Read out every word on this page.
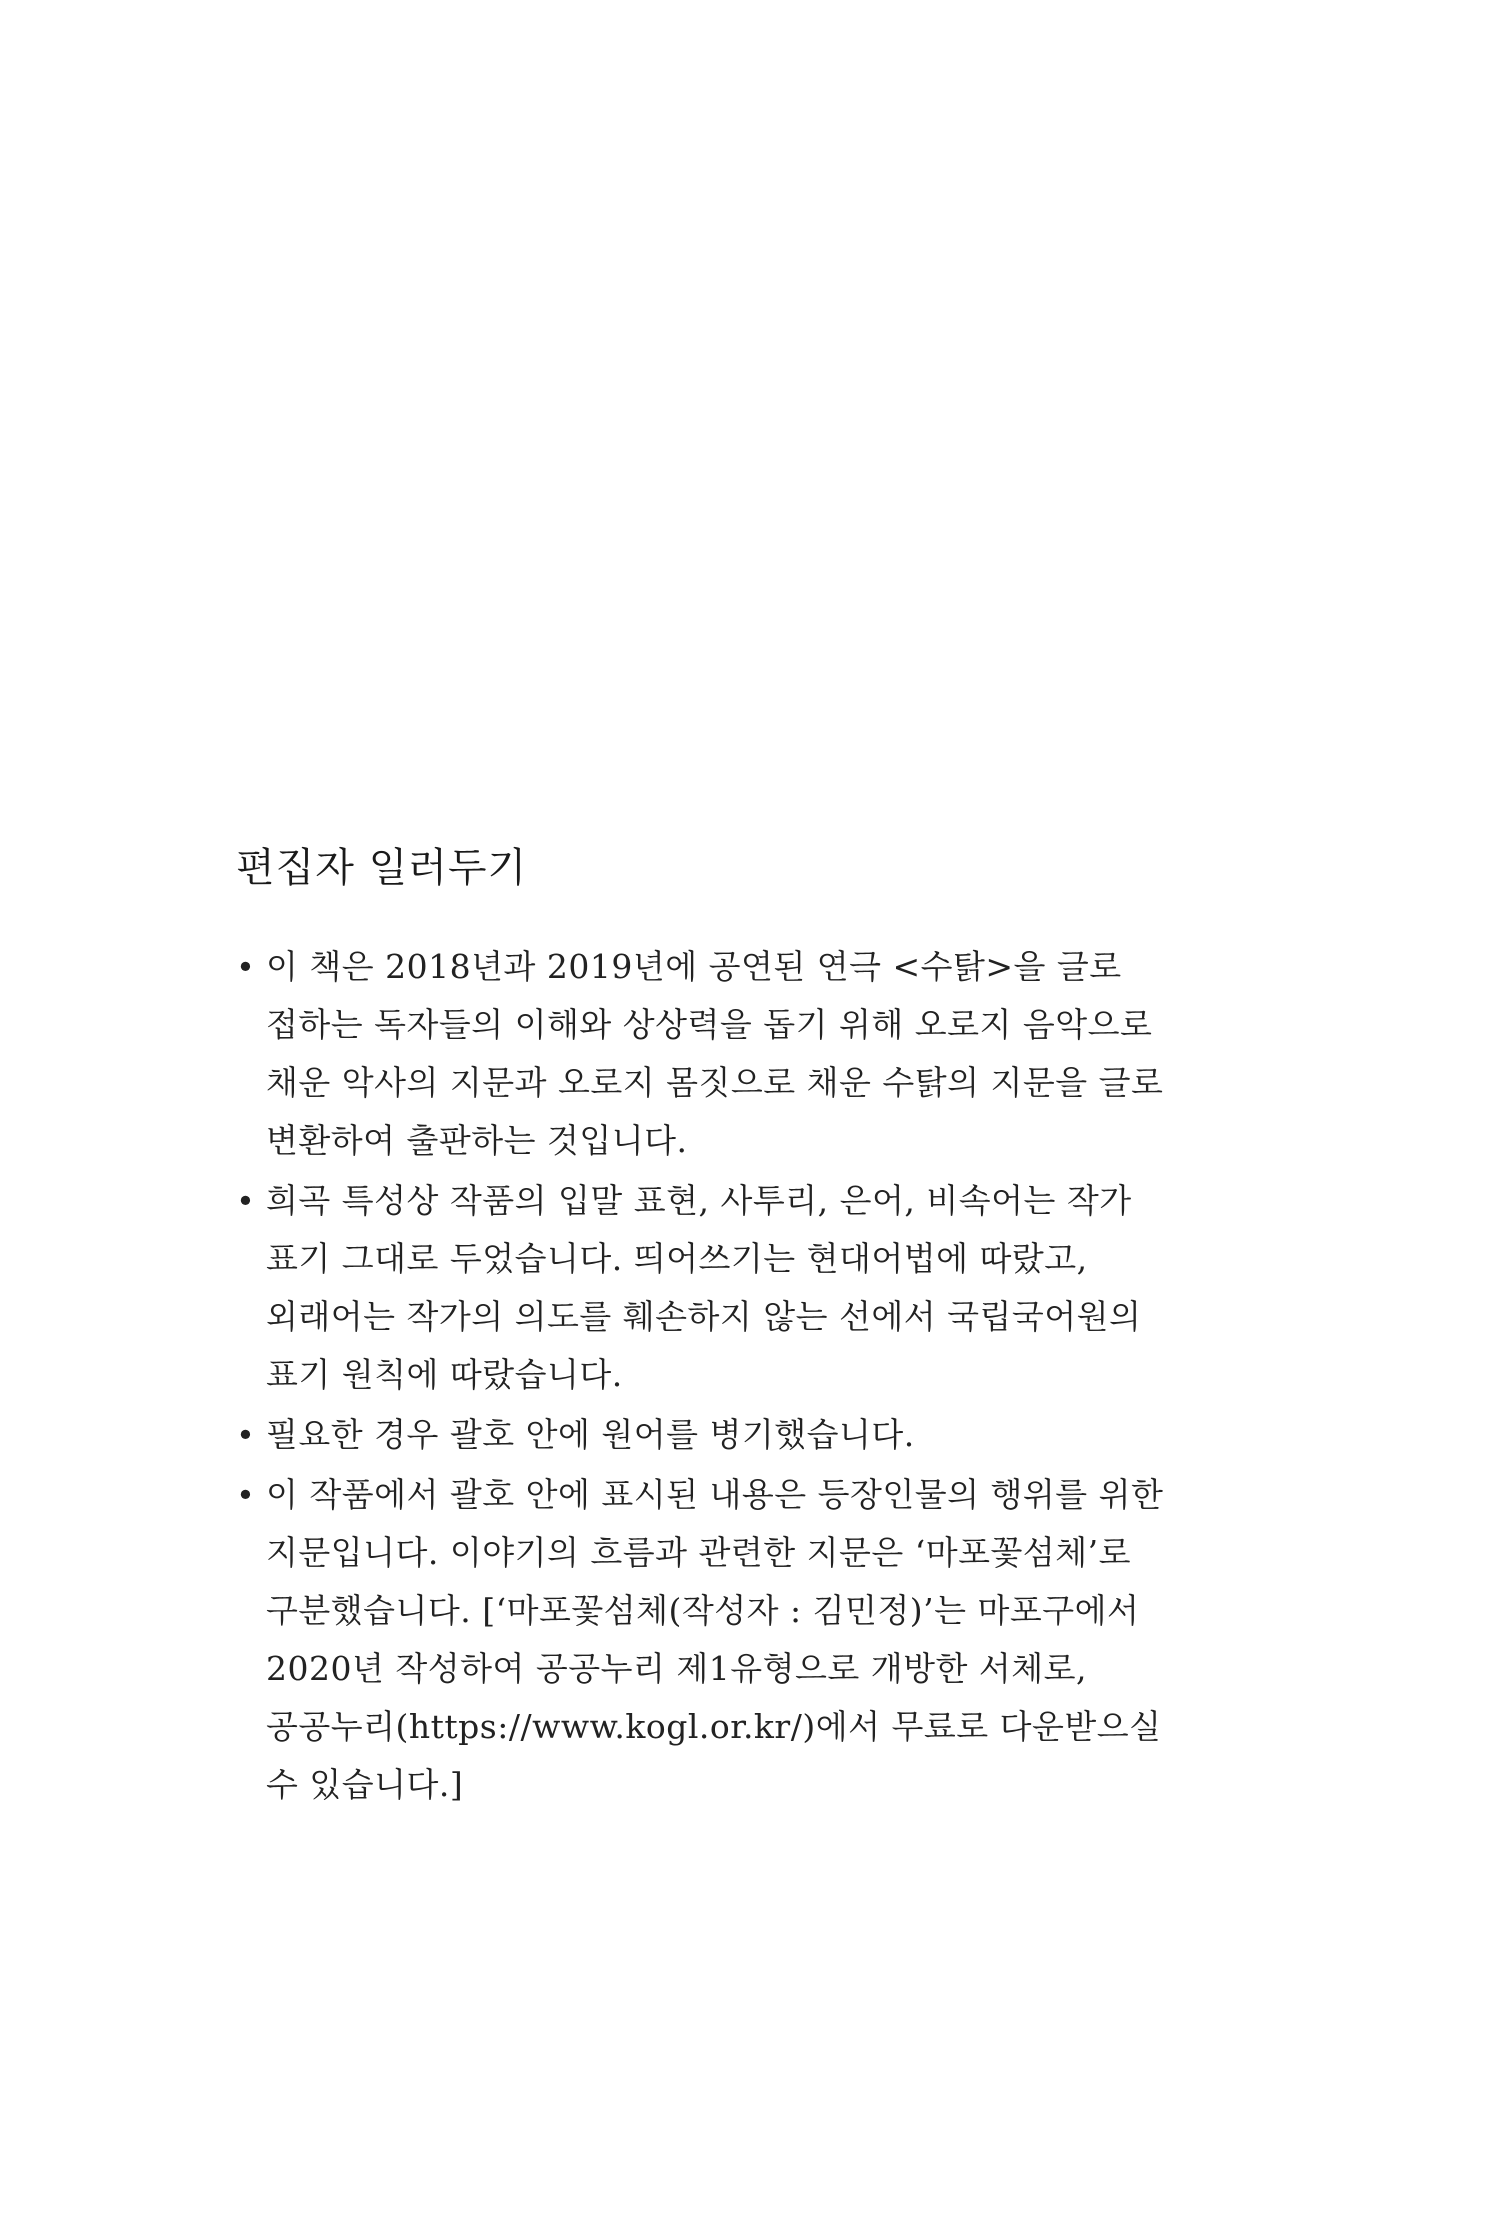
편집자 일러두기
• 이 책은 2018년과 2019년에 공연된 연극 <수탉>을 글로
접하는 독자들의 이해와 상상력을 돕기 위해 오로지 음악으로
채운 악사의 지문과 오로지 몸짓으로 채운 수탉의 지문을 글로
변환하여 출판하는 것입니다.
• 희곡 특성상 작품의 입말 표현, 사투리, 은어, 비속어는 작가
표기 그대로 두었습니다. 띄어쓰기는 현대어법에 따랐고,
외래어는 작가의 의도를 훼손하지 않는 선에서 국립국어원의
표기 원칙에 따랐습니다.
• 필요한 경우 괄호 안에 원어를 병기했습니다.
• 이 작품에서 괄호 안에 표시된 내용은 등장인물의 행위를 위한
지문입니다. 이야기의 흐름과 관련한 지문은 ‘마포꽃섬체’로
구분했습니다. [‘마포꽃섬체(작성자 : 김민정)’는 마포구에서
2020년 작성하여 공공누리 제1유형으로 개방한 서체로,
공공누리(https://www.kogl.or.kr/)에서 무료로 다운받으실
수 있습니다.]
